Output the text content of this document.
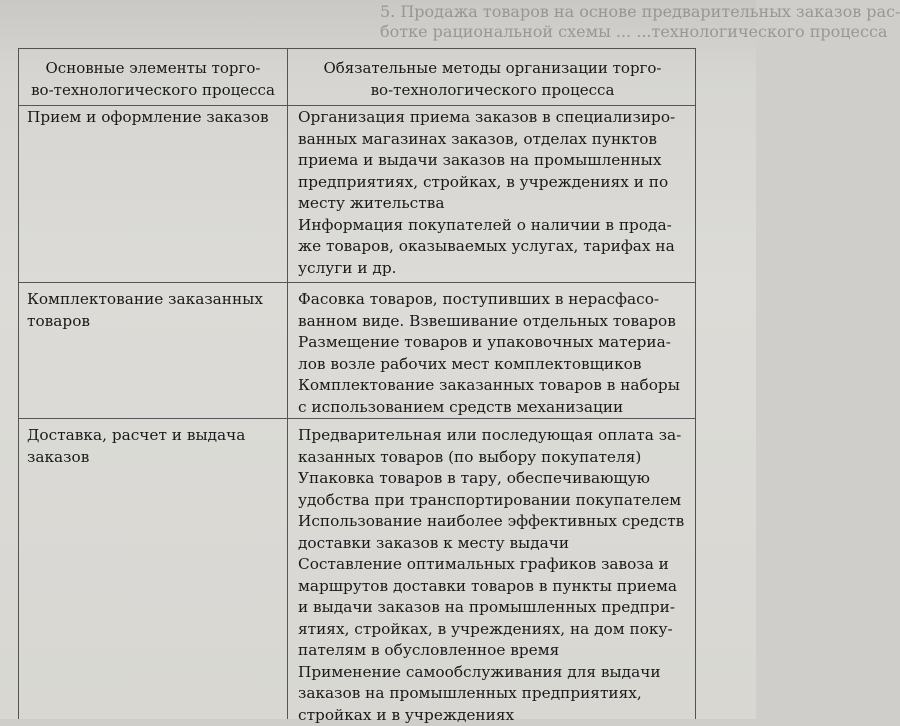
5. Продажа товаров на основе предварительных заказов рас-
ботке рациональной схемы ... ...технологического процесса
Основные элементы торго-
во-технологического процесса
Обязательные методы организации торго-
во-технологического процесса
Прием и оформление заказов	Организация приема заказов в специализиро-
ванных магазинах заказов, отделах пунктов
приема и выдачи заказов на промышленных
предприятиях, стройках, в учреждениях и по
месту жительства
Информация покупателей о наличии в прода-
же товаров, оказываемых услугах, тарифах на
услуги и др.
Комплектование заказанных
товаров
Фасовка товаров, поступивших в нерасфасо-
ванном виде. Взвешивание отдельных товаров
Размещение товаров и упаковочных материа-
лов возле рабочих мест комплектовщиков
Комплектование заказанных товаров в наборы
с использованием средств механизации
Доставка, расчет и выдача
заказов
Предварительная или последующая оплата за-
казанных товаров (по выбору покупателя)
Упаковка товаров в тару, обеспечивающую
удобства при транспортировании покупателем
Использование наиболее эффективных средств
доставки заказов к месту выдачи
Составление оптимальных графиков завоза и
маршрутов доставки товаров в пункты приема
и выдачи заказов на промышленных предпри-
ятиях, стройках, в учреждениях, на дом поку-
пателям в обусловленное время
Применение самообслуживания для выдачи
заказов на промышленных предприятиях,
стройках и в учреждениях
